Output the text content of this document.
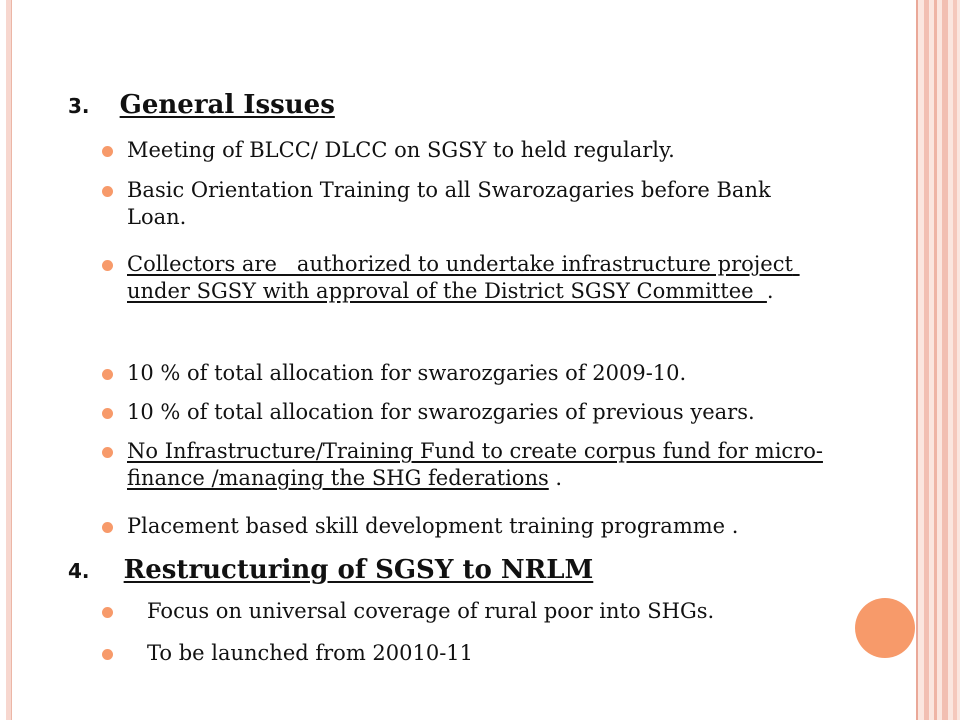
3. General Issues
Meeting of BLCC/ DLCC on SGSY to held regularly.
Basic Orientation Training to all Swarozagaries before Bank Loan.
Collectors are   authorized to undertake infrastructure project under SGSY with approval of the District SGSY Committee  .
10 % of total allocation for swarozgaries of 2009-10.
10 % of total allocation for swarozgaries of previous years.
No Infrastructure/Training Fund to create corpus fund for micro-finance /managing the SHG federations .
Placement based skill development training programme .
4. Restructuring of SGSY to NRLM
Focus on universal coverage of rural poor into SHGs.
To be launched from 20010-11
